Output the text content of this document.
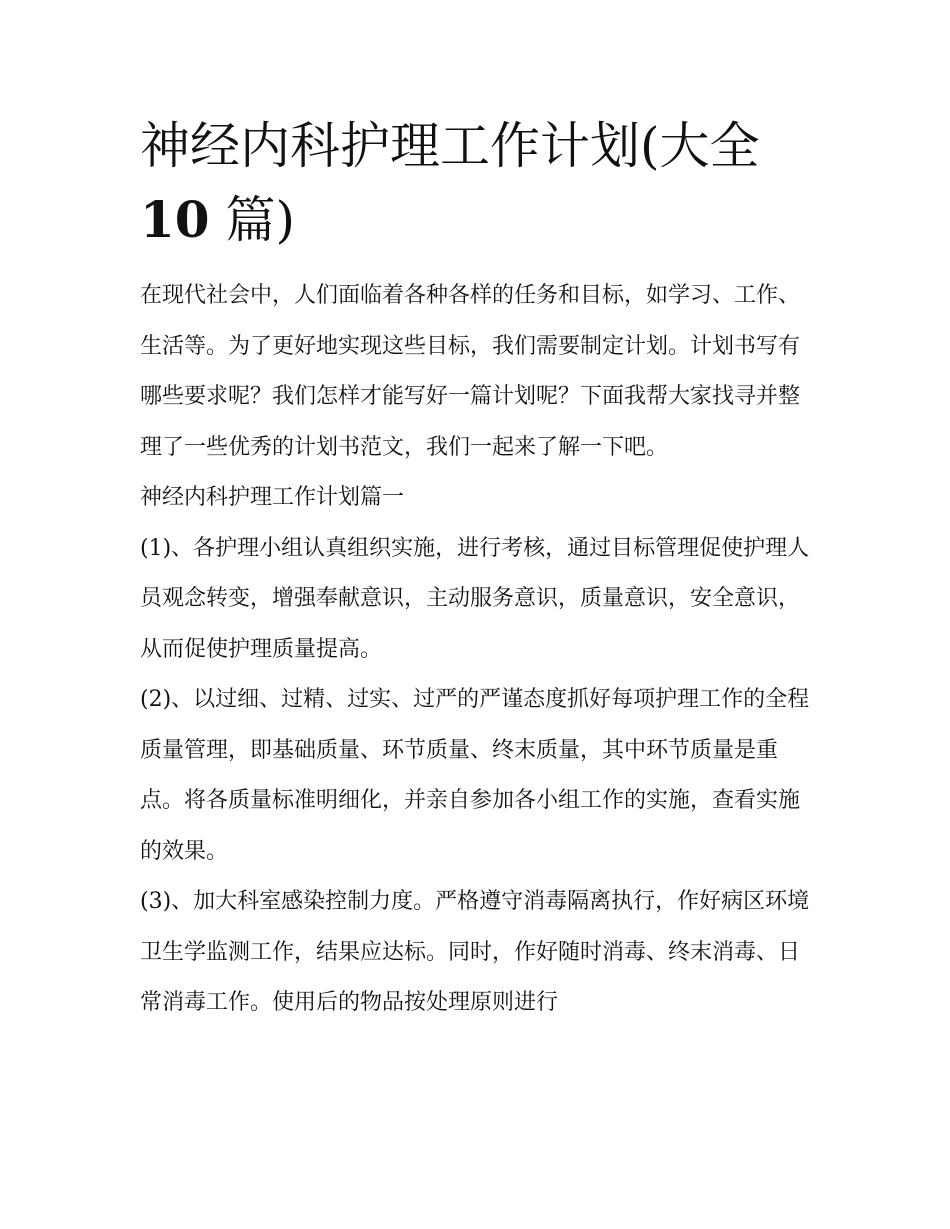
神经内科护理工作计划(大全
10 篇)

在现代社会中，人们面临着各种各样的任务和目标，如学习、工作、生活等。为了更好地实现这些目标，我们需要制定计划。计划书写有哪些要求呢？我们怎样才能写好一篇计划呢？下面我帮大家找寻并整理了一些优秀的计划书范文，我们一起来了解一下吧。

神经内科护理工作计划篇一

(1)、各护理小组认真组织实施，进行考核，通过目标管理促使护理人员观念转变，增强奉献意识，主动服务意识，质量意识，安全意识，从而促使护理质量提高。

(2)、以过细、过精、过实、过严的严谨态度抓好每项护理工作的全程质量管理，即基础质量、环节质量、终末质量，其中环节质量是重点。将各质量标准明细化，并亲自参加各小组工作的实施，查看实施的效果。

(3)、加大科室感染控制力度。严格遵守消毒隔离执行，作好病区环境卫生学监测工作，结果应达标。同时，作好随时消毒、终末消毒、日常消毒工作。使用后的物品按处理原则进行
